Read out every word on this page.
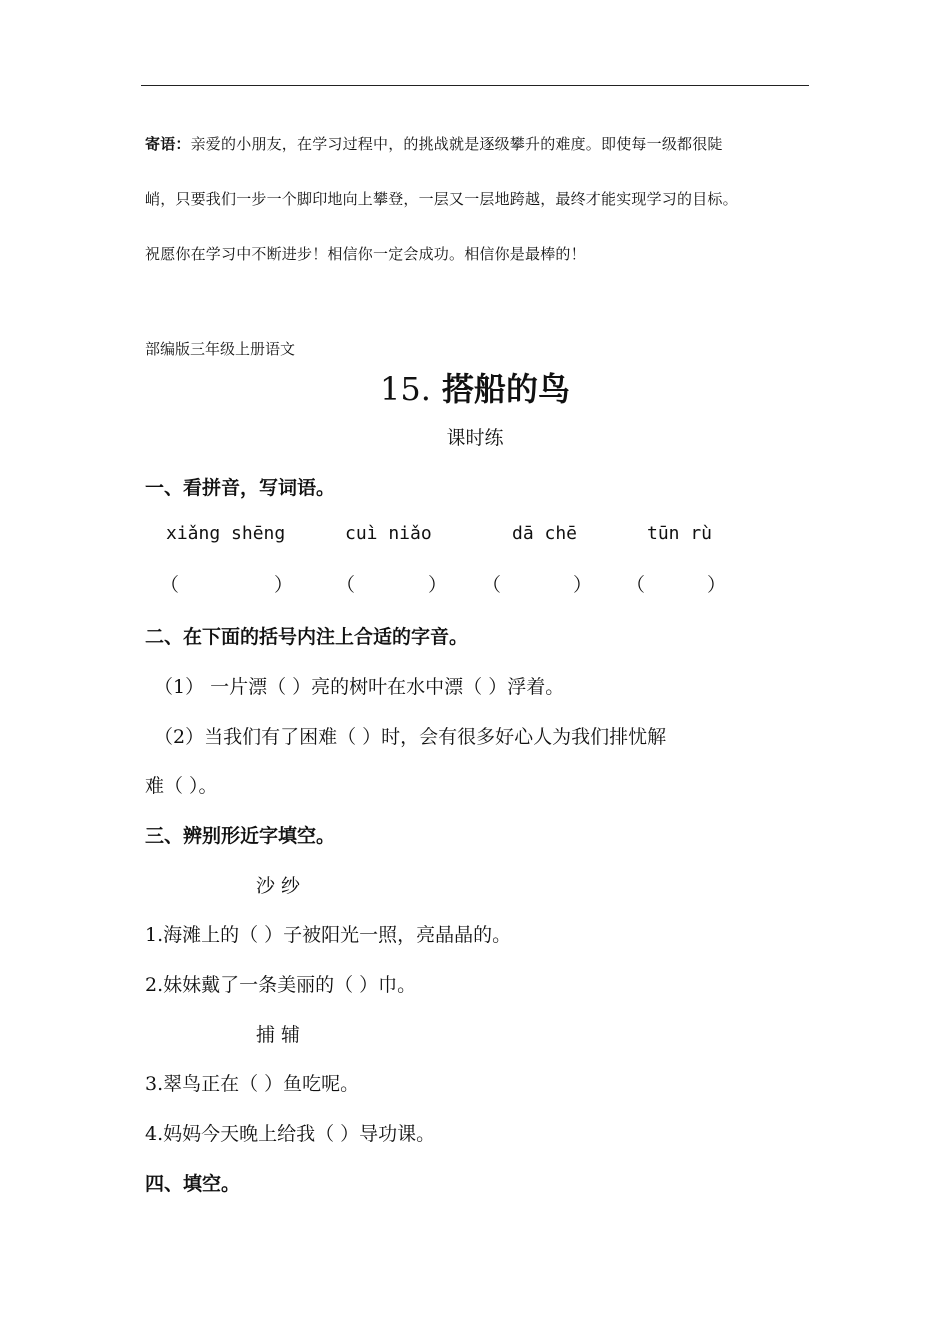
寄语：亲爱的小朋友，在学习过程中，的挑战就是逐级攀升的难度。即使每一级都很陡
峭，只要我们一步一个脚印地向上攀登，一层又一层地跨越，最终才能实现学习的目标。
祝愿你在学习中不断进步！相信你一定会成功。相信你是最棒的！
部编版三年级上册语文
15. 搭船的鸟
课时练
一、看拼音，写词语。
xiǎng shēng	cuì niǎo	dā chē	tūn rù
（	） （	） （	） （	）
二、在下面的括号内注上合适的字音。
（1） 一片漂（ ）亮的树叶在水中漂（ ）浮着。
（2）当我们有了困难（ ）时，会有很多好心人为我们排忧解
难（ ）。
三、辨别形近字填空。
沙 纱
1.海滩上的（ ）子被阳光一照，亮晶晶的。
2.妹妹戴了一条美丽的（ ）巾。
捕 辅
3.翠鸟正在（ ）鱼吃呢。
4.妈妈今天晚上给我（ ）导功课。
四、填空。
